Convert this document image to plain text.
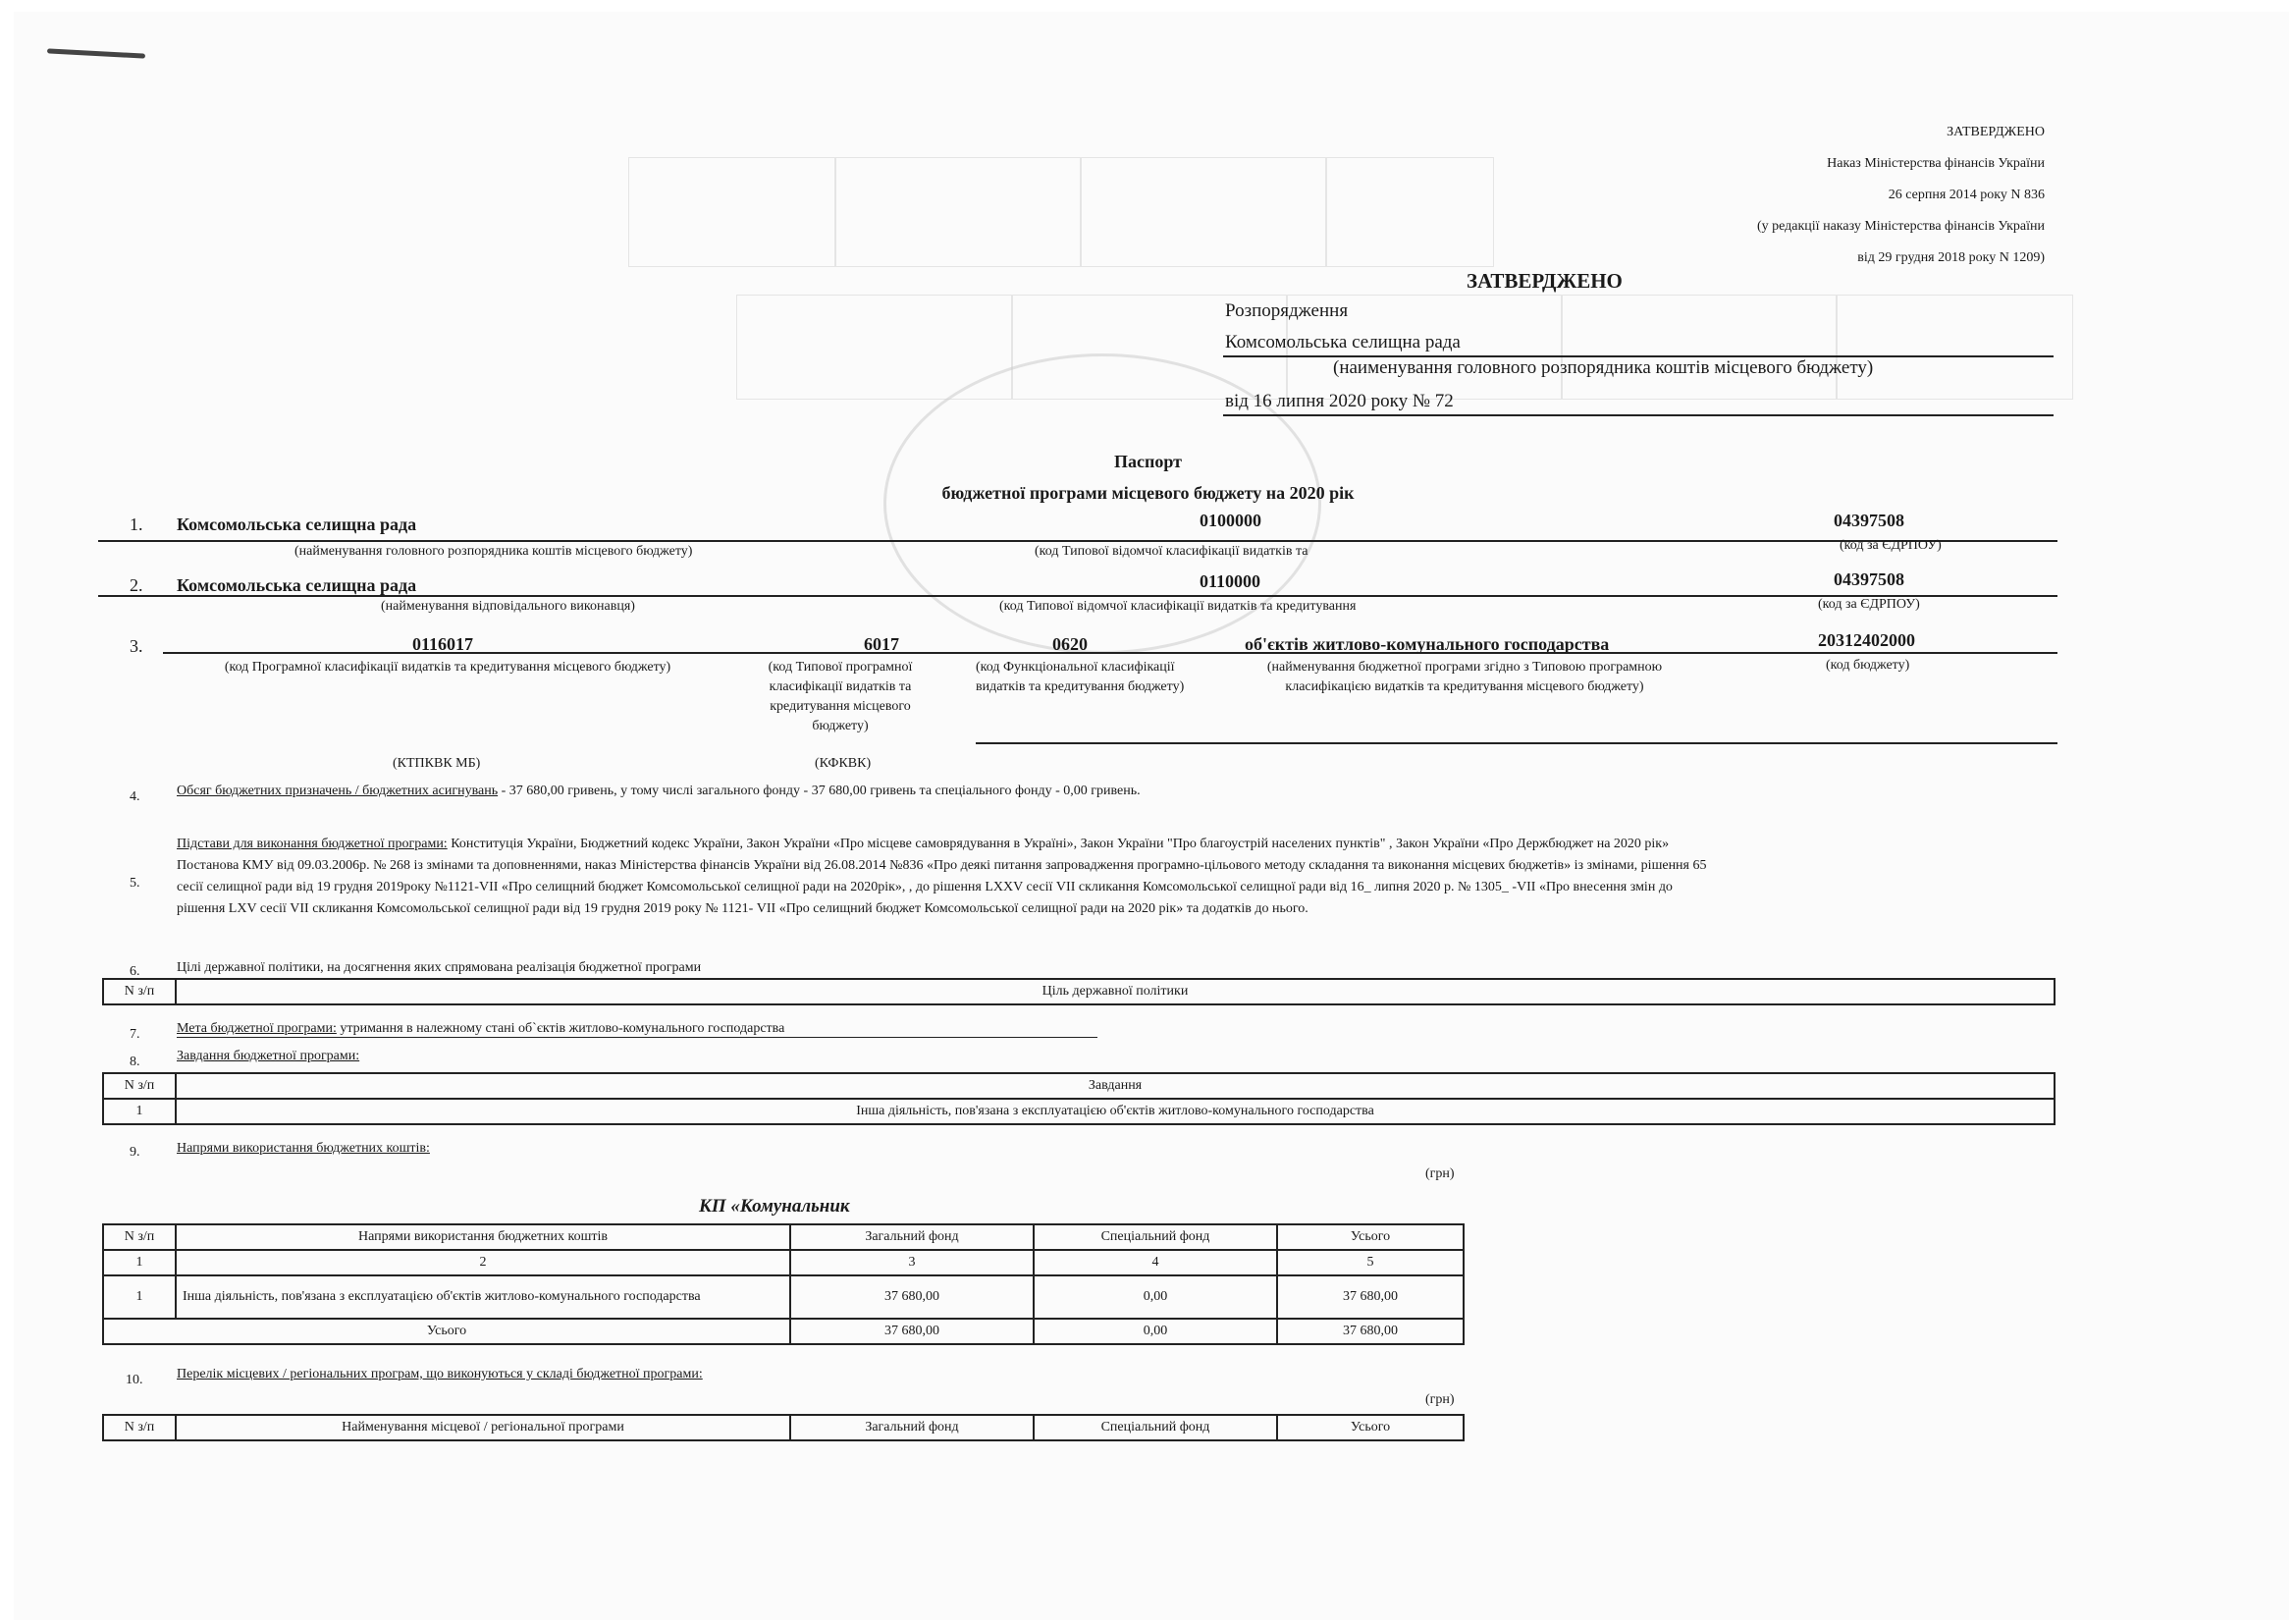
ЗАТВЕРДЖЕНО
Наказ Міністерства фінансів України
26 серпня 2014 року N 836
(у редакції наказу Міністерства фінансів України
від 29 грудня 2018 року N 1209)
ЗАТВЕРДЖЕНО
Розпорядження
Комсомольська селищна рада
(наименування головного розпорядника коштів місцевого бюджету)
від 16 липня 2020 року № 72
Паспорт
бюджетної програми місцевого бюджету на 2020 рік
1. Комсомольська селищна рада	0100000	04397508
(найменування головного розпорядника коштів місцевого бюджету)	(код Типової відомчої класифікації видатків та	(код за ЄДРПОУ)
2. Комсомольська селищна рада	0110000	04397508
(найменування відповідального виконавця)	(код Типової відомчої класифікації видатків та кредитування	(код за ЄДРПОУ)
3.	0116017	6017	0620	об'єктів житлово-комунального господарства	20312402000
(код Програмної класифікації видатків та кредитування місцевого бюджету)	(код Типової програмної класифікації видатків та кредитування місцевого бюджету)
(код Функціональної класифікації видатків та кредитування бюджету)
(найменування бюджетної програми згідно з Типовою програмною класифікацією видатків та кредитування місцевого бюджету)
(код бюджету)
(КТПКВК МБ)	(КФКВК)
4.	Обсяг бюджетних призначень / бюджетних асигнувань - 37 680,00 гривень, у тому числі загального фонду - 37 680,00 гривень та спеціального фонду - 0,00 гривень.
5.
Підстави для виконання бюджетної програми: Конституція України, Бюджетний кодекс України, Закон України «Про місцеве самоврядування в Україні», Закон України "Про благоустрій населених пунктів" , Закон України «Про Держбюджет на 2020 рік»
Постанова КМУ від 09.03.2006р. № 268 із змінами та доповненнями, наказ Міністерства фінансів України від 26.08.2014 №836 «Про деякі питання запровадження програмно-цільового методу складання та виконання місцевих бюджетів» із змінами, рішення 65
сесії селищної ради від 19 грудня 2019року №1121-VII «Про селищний бюджет Комсомольської селищної ради на 2020рік», , до рішення LXXV сесії VII скликання Комсомольської селищної ради від 16_ липня 2020 р. № 1305_ -VII «Про внесення змін до
рішення LXV сесії VII скликання Комсомольської селищної ради від 19 грудня 2019 року № 1121- VII «Про селищний бюджет Комсомольської селищної ради на 2020 рік» та додатків до нього.
6.	Цілі державної політики, на досягнення яких спрямована реалізація бюджетної програми
N з/п	Ціль державної політики
7.	Мета бюджетної програми: утримання в належному стані об`єктів житлово-комунального господарства
8.	Завдання бюджетної програми:
N з/п	Завдання
1	Інша діяльність, пов'язана з експлуатацією об'єктів житлово-комунального господарства
9.	Напрями використання бюджетних коштів:
(грн)
КП «Комунальник
N з/п	Напрями використання бюджетних коштів	Загальний фонд	Спеціальний фонд	Усього
1	2	3	4	5
1	Інша діяльність, пов'язана з експлуатацією об'єктів житлово-комунального господарства	37 680,00	0,00	37 680,00
Усього		37 680,00	0,00	37 680,00
10. Перелік місцевих / регіональних програм, що виконуються у складі бюджетної програми:
(грн)
N з/п	Найменування місцевої / регіональної програми	Загальний фонд	Спеціальний фонд	Усього
